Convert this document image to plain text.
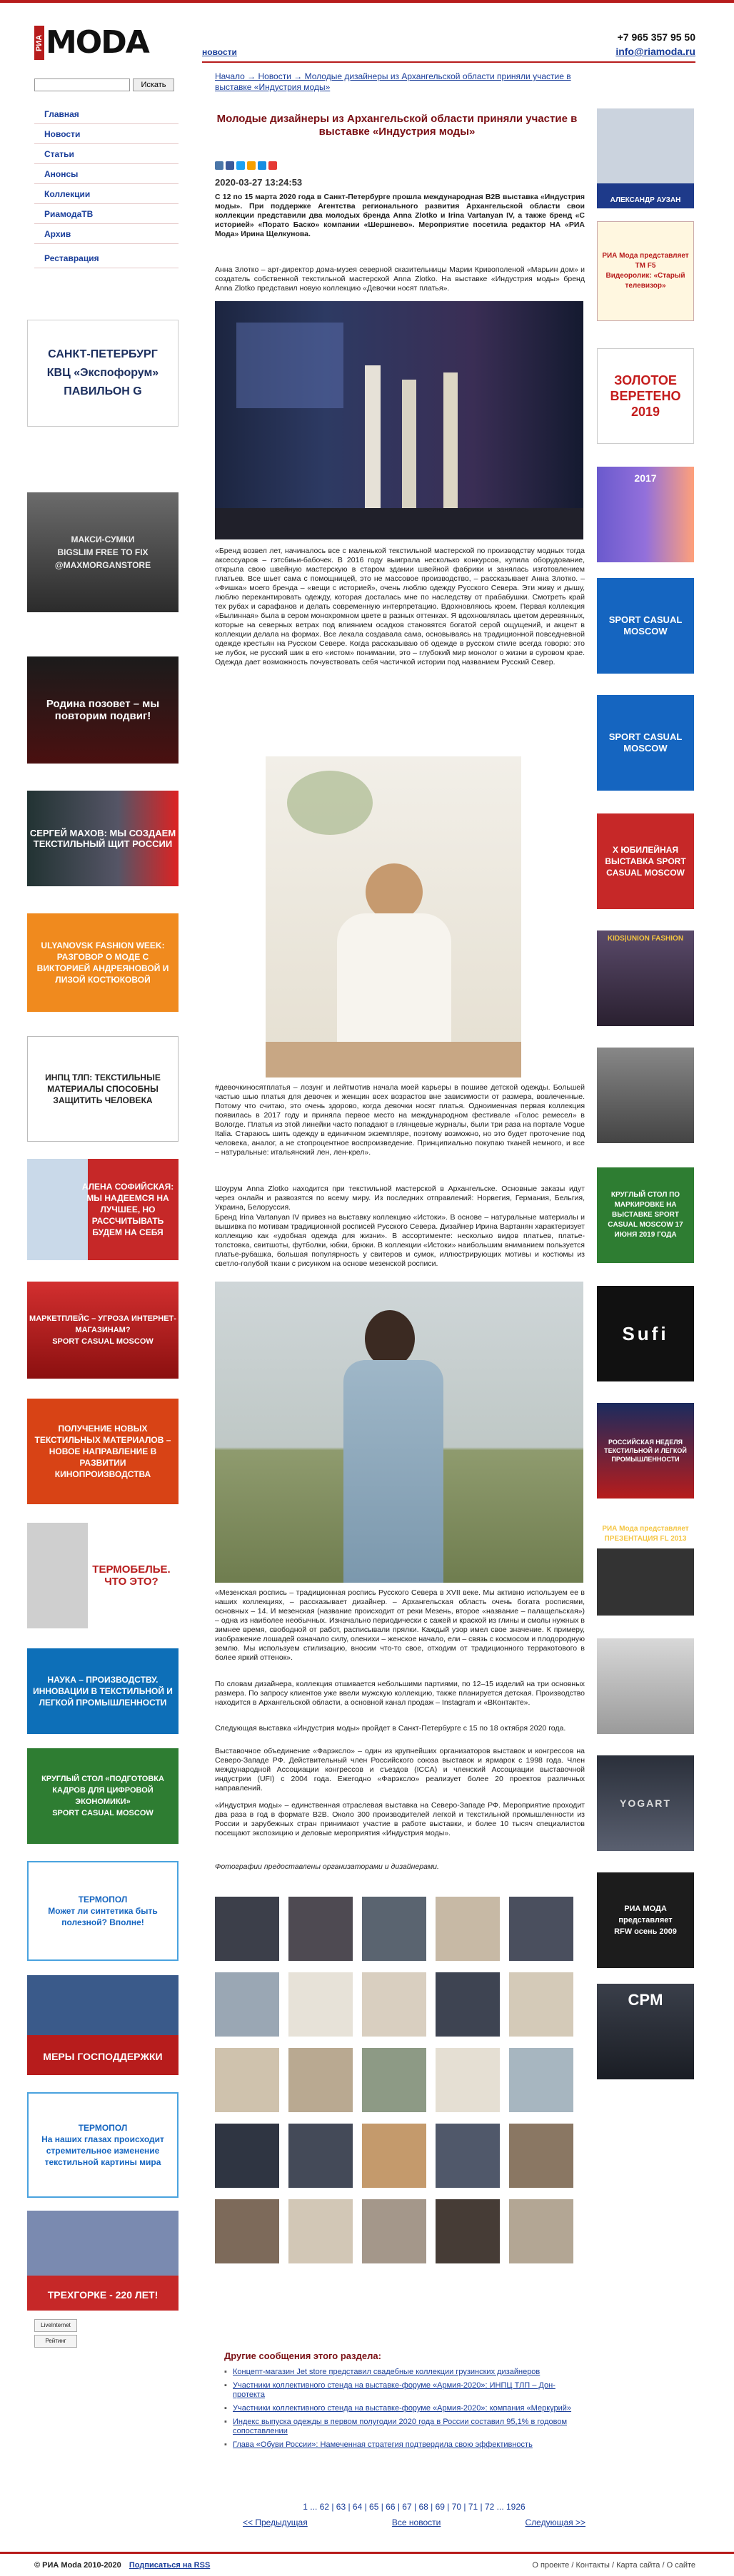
РИА MODA	новости
+7 965 357 95 50
info@riamoda.ru
Искать
Главная
Новости
Статьи
Анонсы
Коллекции
РиамодаТВ
Архив
Реставрация
САНКТ-ПЕТЕРБУРГ
КВЦ «Экспофорум»
ПАВИЛЬОН G
МАКСИ-СУМКИ
BIGSLIM FREE TO FIX
@MAXMORGANSTORE
Родина позовет – мы повторим подвиг!
СЕРГЕЙ МАХОВ: МЫ СОЗДАЕМ ТЕКСТИЛЬНЫЙ ЩИТ РОССИИ
ULYANOVSK FASHION WEEK: РАЗГОВОР О МОДЕ С ВИКТОРИЕЙ АНДРЕЯНОВОЙ И ЛИЗОЙ КОСТЮКОВОЙ
ИНПЦ ТЛП: ТЕКСТИЛЬНЫЕ МАТЕРИАЛЫ СПОСОБНЫ ЗАЩИТИТЬ ЧЕЛОВЕКА
АЛЕНА СОФИЙСКАЯ: МЫ НАДЕЕМСЯ НА ЛУЧШЕЕ, НО РАССЧИТЫВАТЬ БУДЕМ НА СЕБЯ
МАРКЕТПЛЕЙС – УГРОЗА ИНТЕРНЕТ-МАГАЗИНАМ?
SPORT CASUAL MOSCOW
ПОЛУЧЕНИЕ НОВЫХ ТЕКСТИЛЬНЫХ МАТЕРИАЛОВ – НОВОЕ НАПРАВЛЕНИЕ В РАЗВИТИИ КИНОПРОИЗВОДСТВА
ТЕРМОБЕЛЬЕ. ЧТО ЭТО?
НАУКА – ПРОИЗВОДСТВУ. ИННОВАЦИИ В ТЕКСТИЛЬНОЙ И ЛЕГКОЙ ПРОМЫШЛЕННОСТИ
КРУГЛЫЙ СТОЛ «ПОДГОТОВКА КАДРОВ ДЛЯ ЦИФРОВОЙ ЭКОНОМИКИ»
SPORT CASUAL MOSCOW
ТЕРМОПОЛ
Может ли синтетика быть полезной? Вполне!
МЕРЫ ГОСПОДДЕРЖКИ
ТЕРМОПОЛ
На наших глазах происходит стремительное изменение текстильной картины мира
ТРЕХГОРКЕ - 220 ЛЕТ!
LiveInternet
Рейтинг
Начало → Новости → Молодые дизайнеры из Архангельской области приняли участие в выставке «Индустрия моды»
Молодые дизайнеры из Архангельской области приняли участие в выставке «Индустрия моды»
2020-03-27 13:24:53
С 12 по 15 марта 2020 года в Санкт-Петербурге прошла международная B2B выставка «Индустрия моды». При поддержке Агентства регионального развития Архангельской области свои коллекции представили два молодых бренда Anna Zlotko и Irina Vartanyan IV, а также бренд «С историей» «Порато Баско» компании «Шершнево». Мероприятие посетила редактор НА «РИА Мода» Ирина Щелкунова.
Анна Злотко – арт-директор дома-музея северной сказительницы Марии Кривополеной «Марьин дом» и создатель собственной текстильной мастерской Anna Zlotko. На выставке «Индустрия моды» бренд Anna Zlotko представил новую коллекцию «Девочки носят платья».
«Бренд возвел лет, начиналось все с маленькой текстильной мастерской по производству модных тогда аксессуаров – гэтсбиьи-бабочек. В 2016 году выиграла несколько конкурсов, купила оборудование, открыла свою швейную мастерскую в старом здании швейной фабрики и занялась изготовлением платьев. Все шьет сама с помощницей, это не массовое производство, – рассказывает Анна Злотко. – «Фишка» моего бренда – «вещи с историей», очень люблю одежду Русского Севера. Эти живу и дышу, люблю перекантировать одежду, которая досталась мне по наследству от прабабушки. Смотреть край тех рубах и сарафанов и делать современную интерпретацию. Вдохновляюсь кроем. Первая коллекция «Былинная» была в сером монохромном цвете в разных оттенках. Я вдохновлялась цветом деревянных, которые на северных ветрах под влиянием осадков становятся богатой серой ощущений, и акцент в коллекции делала на формах. Все лекала создавала сама, основываясь на традиционной повседневной одежде крестьян на Русском Севере. Когда рассказываю об одежде в русском стиле всегда говорю: это не лубок, не русский шик в его «истом» понимании, это – глубокий мир монолог о жизни в суровом крае. Одежда дает возможность почувствовать себя частичкой истории под названием Русский Север.
#девочкиносятплатья – лозунг и лейтмотив начала моей карьеры в пошиве детской одежды. Большей частью шью платья для девочек и женщин всех возрастов вне зависимости от размера, вовлеченные. Потому что считаю, это очень здорово, когда девочки носят платья. Одноименная первая коллекция появилась в 2017 году и приняла первое место на международном фестивале «Голос ремесел» в Вологде. Платья из этой линейки часто попадают в глянцевые журналы, были три раза на портале Vogue Italia. Стараюсь шить одежду в единичном экземпляре, поэтому возможно, но это будет проточение под человека, аналог, а не стопроцентное воспроизведение. Принципиально покупаю тканей немного, и все – натуральные: итальянский лен, лен-крел».
Шоурум Anna Zlotko находится при текстильной мастерской в Архангельске. Основные заказы идут через онлайн и развозятся по всему миру. Из последних отправлений: Норвегия, Германия, Бельгия, Украина, Белоруссия.
Бренд Irina Vartanyan IV привез на выставку коллекцию «Истоки». В основе – натуральные материалы и вышивка по мотивам традиционной росписей Русского Севера. Дизайнер Ирина Вартанян характеризует коллекцию как «удобная одежда для жизни». В ассортименте: несколько видов платьев, платье-толстовка, свитшоты, футболки, юбки, брюки. В коллекции «Истоки» наибольшим вниманием пользуется платье-рубашка, большая популярность у свитеров и сумок, иллюстрирующих мотивы и костюмы из светло-голубой ткани с рисунком на основе мезенской росписи.
«Мезенская роспись – традиционная роспись Русского Севера в XVII веке. Мы активно используем ее в наших коллекциях, – рассказывает дизайнер. – Архангельская область очень богата росписями, основных – 14. И мезенская (название происходит от реки Мезень, второе «название – палащельская») – одна из наиболее необычных. Изначально периодически с сажей и краской из глины и смолы нужных в зимнее время, свободной от работ, расписывали прялки. Каждый узор имел свое значение. К примеру, изображение лошадей означало силу, оленихи – женское начало, ели – связь с космосом и плодородную землю. Мы используем стилизацию, вносим что-то свое, отходим от традиционного терракотового в более яркий оттенок».
По словам дизайнера, коллекция отшивается небольшими партиями, по 12–15 изделий на три основных размера. По запросу клиентов уже ввели мужскую коллекцию, также планируется детская. Производство находится в Архангельской области, а основной канал продаж – Instagram и «ВКонтакте».
Следующая выставка «Индустрия моды» пройдет в Санкт-Петербурге с 15 по 18 октября 2020 года.
Выставочное объединение «Фарэксло» – один из крупнейших организаторов выставок и конгрессов на Северо-Западе РФ. Действительный член Российского союза выставок и ярмарок с 1998 года. Член международной Ассоциации конгрессов и съездов (ICCA) и членский Ассоциации выставочной индустрии (UFI) с 2004 года. Ежегодно «Фарэксло» реализует более 20 проектов различных направлений.
«Индустрия моды» – единственная отраслевая выставка на Северо-Западе РФ. Мероприятие проходит два раза в год в формате B2B. Около 300 производителей легкой и текстильной промышленности из России и зарубежных стран принимают участие в работе выставки, и более 10 тысяч специалистов посещают экспозицию и деловые мероприятия «Индустрия моды».
Фотографии предоставлены организаторами и дизайнерами.
Другие сообщения этого раздела:
▪ Концепт-магазин Jet store представил свадебные коллекции грузинских дизайнеров
▪ Участники коллективного стенда на выставке-форуме «Армия-2020»: ИНПЦ ТЛП – Дон-протекта
▪ Участники коллективного стенда на выставке-форуме «Армия-2020»: компания «Меркурий»
▪ Индекс выпуска одежды в первом полугодии 2020 года в России составил 95,1% в годовом сопоставлении
▪ Глава «Обуви России»: Намеченная стратегия подтвердила свою эффективность
1 ... 62 | 63 | 64 | 65 | 66 | 67 | 68 | 69 | 70 | 71 | 72 ... 1926
<< Предыдущая	Все новости	Следующая >>
АЛЕКСАНДР АУЗАН
РИА Мода представляет
ТМ F5
Видеоролик: «Старый телевизор»
ЗОЛОТОЕ ВЕРЕТЕНО 2019
2017
SPORT CASUAL MOSCOW
SPORT CASUAL MOSCOW
X ЮБИЛЕЙНАЯ ВЫСТАВКА SPORT CASUAL MOSCOW
KIDS|UNION FASHION
КРУГЛЫЙ СТОЛ ПО МАРКИРОВКЕ НА ВЫСТАВКЕ SPORT CASUAL MOSCOW 17 ИЮНЯ 2019 ГОДА
Sufi
РОССИЙСКАЯ НЕДЕЛЯ ТЕКСТИЛЬНОЙ И ЛЕГКОЙ ПРОМЫШЛЕННОСТИ
РИА Мода представляет
ПРЕЗЕНТАЦИЯ FL 2013
YOGART
РИА МОДА представляет
RFW осень 2009
CPM
© РИА Moda 2010-2020 Подписаться на RSS	О проекте / Контакты / Карта сайта / О сайте
